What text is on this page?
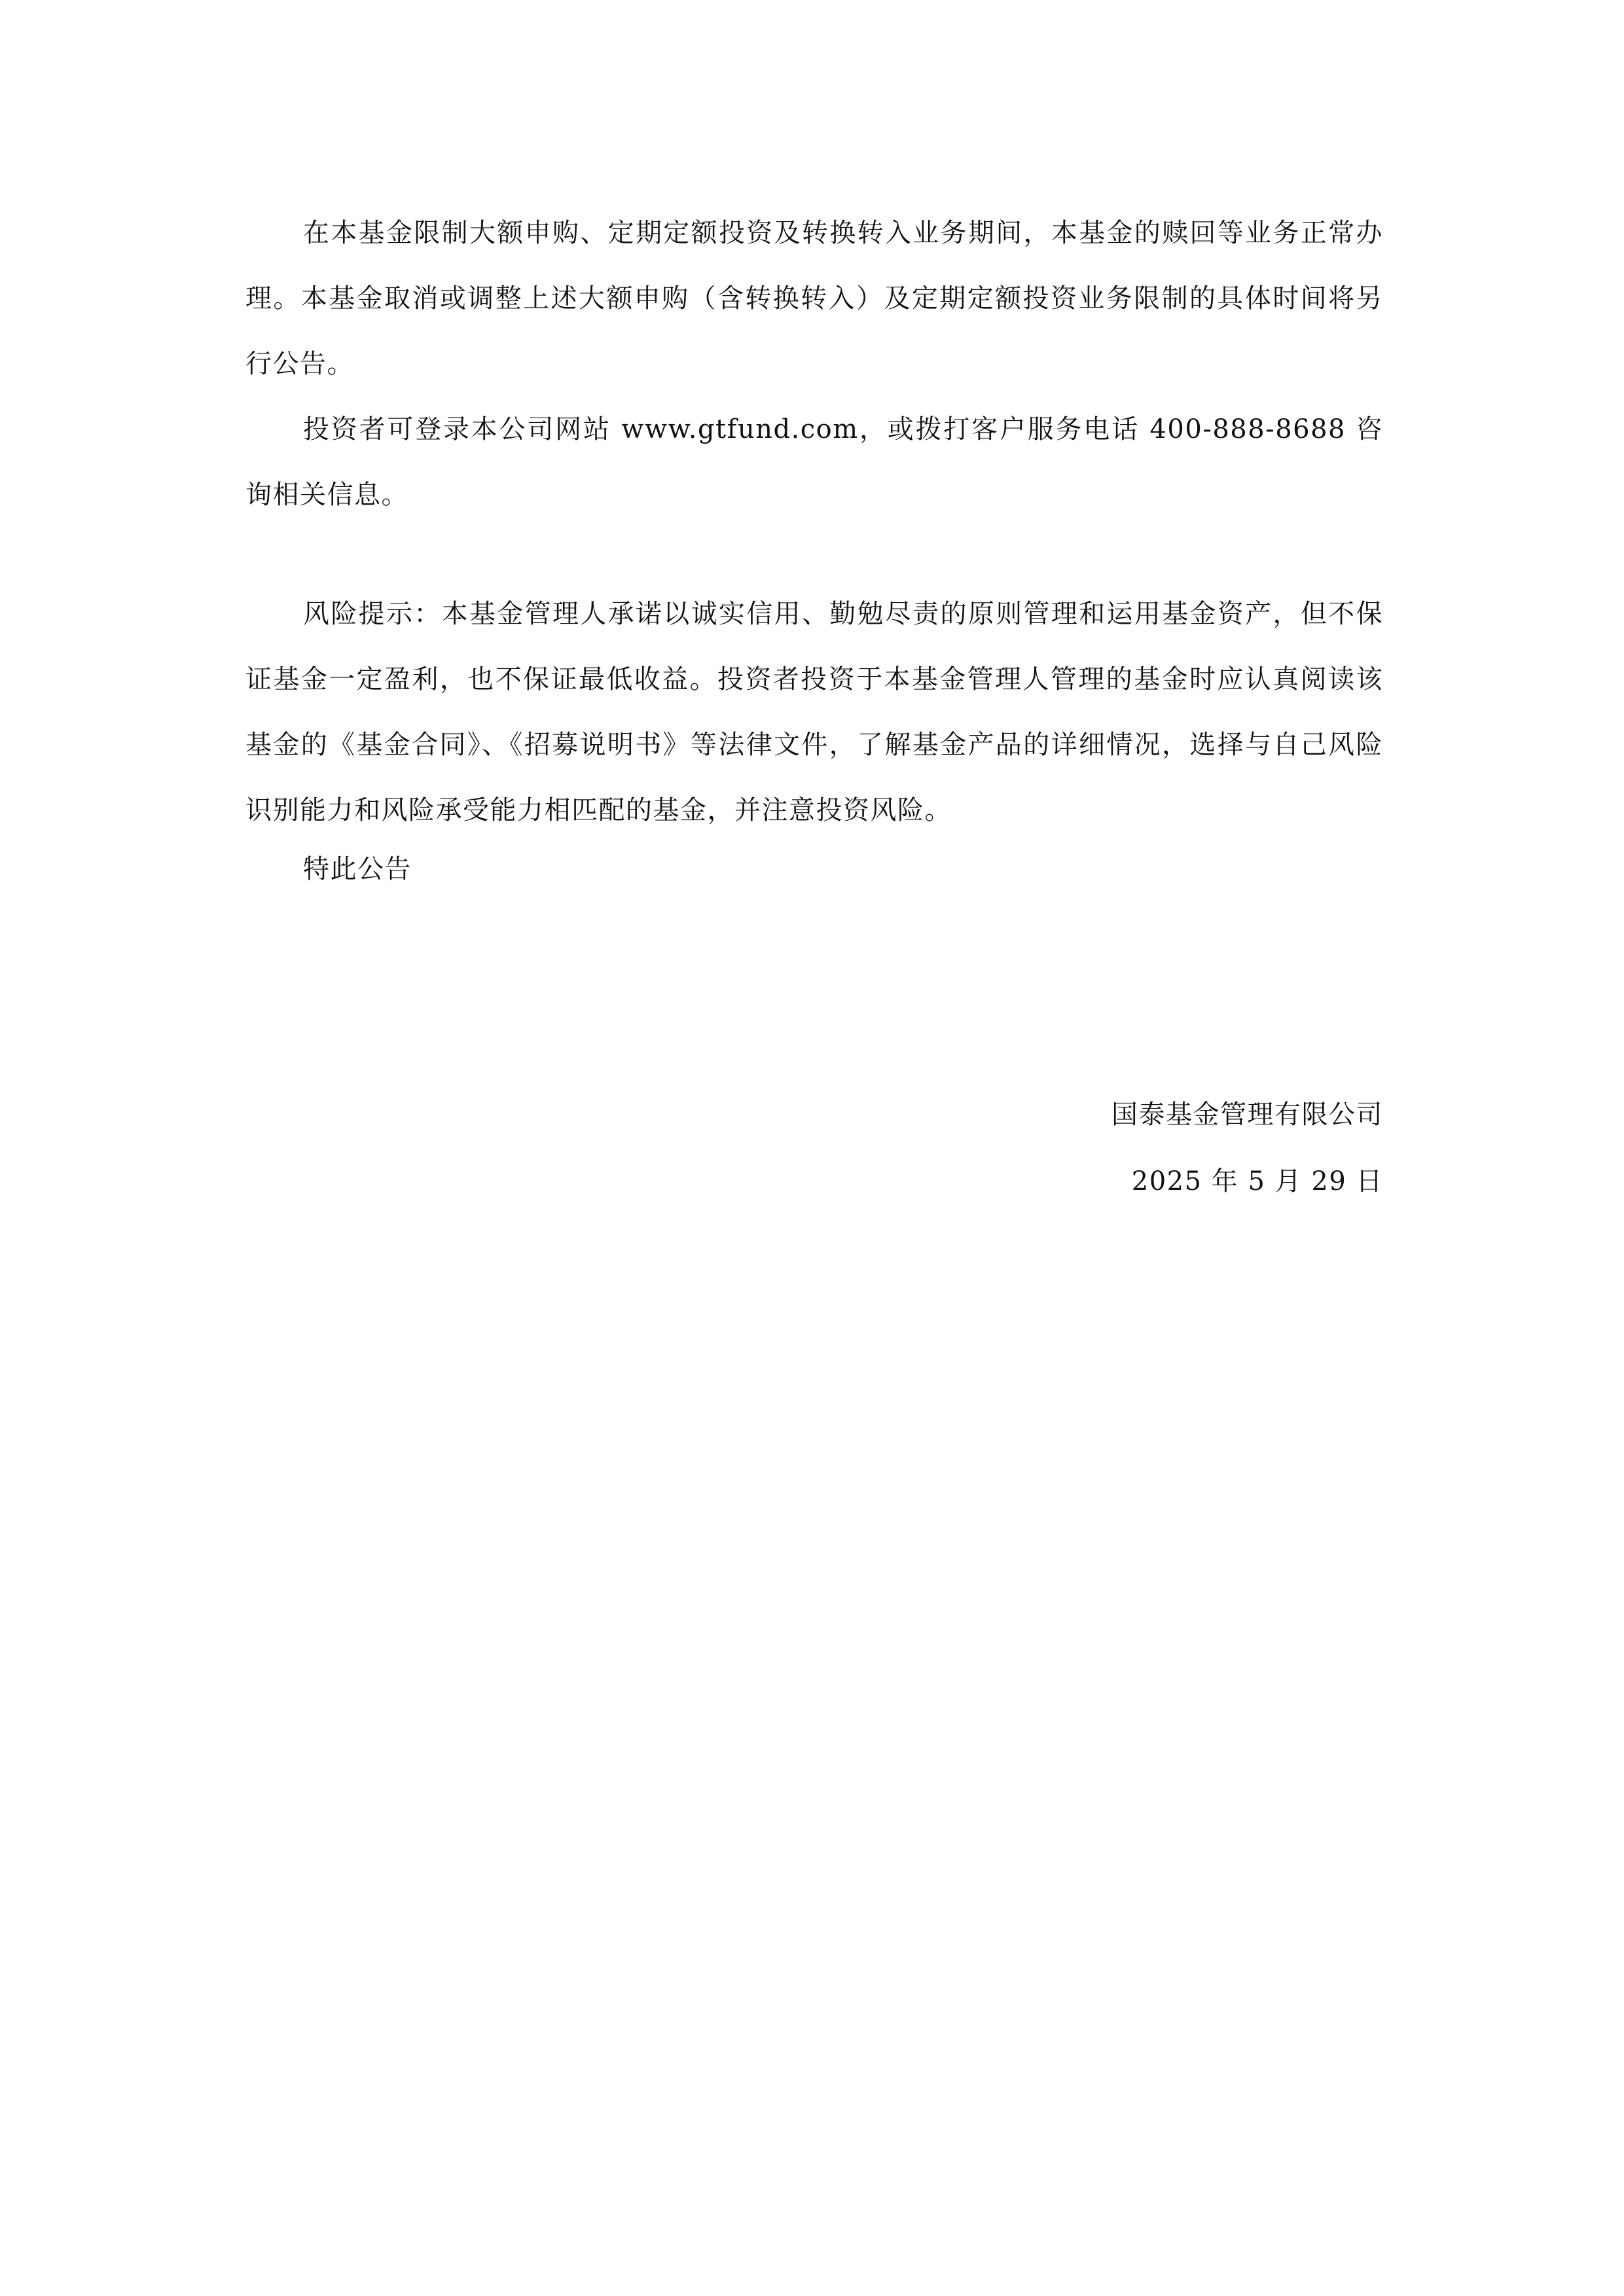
在本基金限制大额申购、定期定额投资及转换转入业务期间，本基金的赎回等业务正常办理。本基金取消或调整上述大额申购（含转换转入）及定期定额投资业务限制的具体时间将另行公告。

投资者可登录本公司网站 www.gtfund.com，或拨打客户服务电话 400-888-8688 咨询相关信息。

风险提示：本基金管理人承诺以诚实信用、勤勉尽责的原则管理和运用基金资产，但不保证基金一定盈利，也不保证最低收益。投资者投资于本基金管理人管理的基金时应认真阅读该基金的《基金合同》、《招募说明书》等法律文件，了解基金产品的详细情况，选择与自己风险识别能力和风险承受能力相匹配的基金，并注意投资风险。

特此公告

国泰基金管理有限公司

2025 年 5 月 29 日
